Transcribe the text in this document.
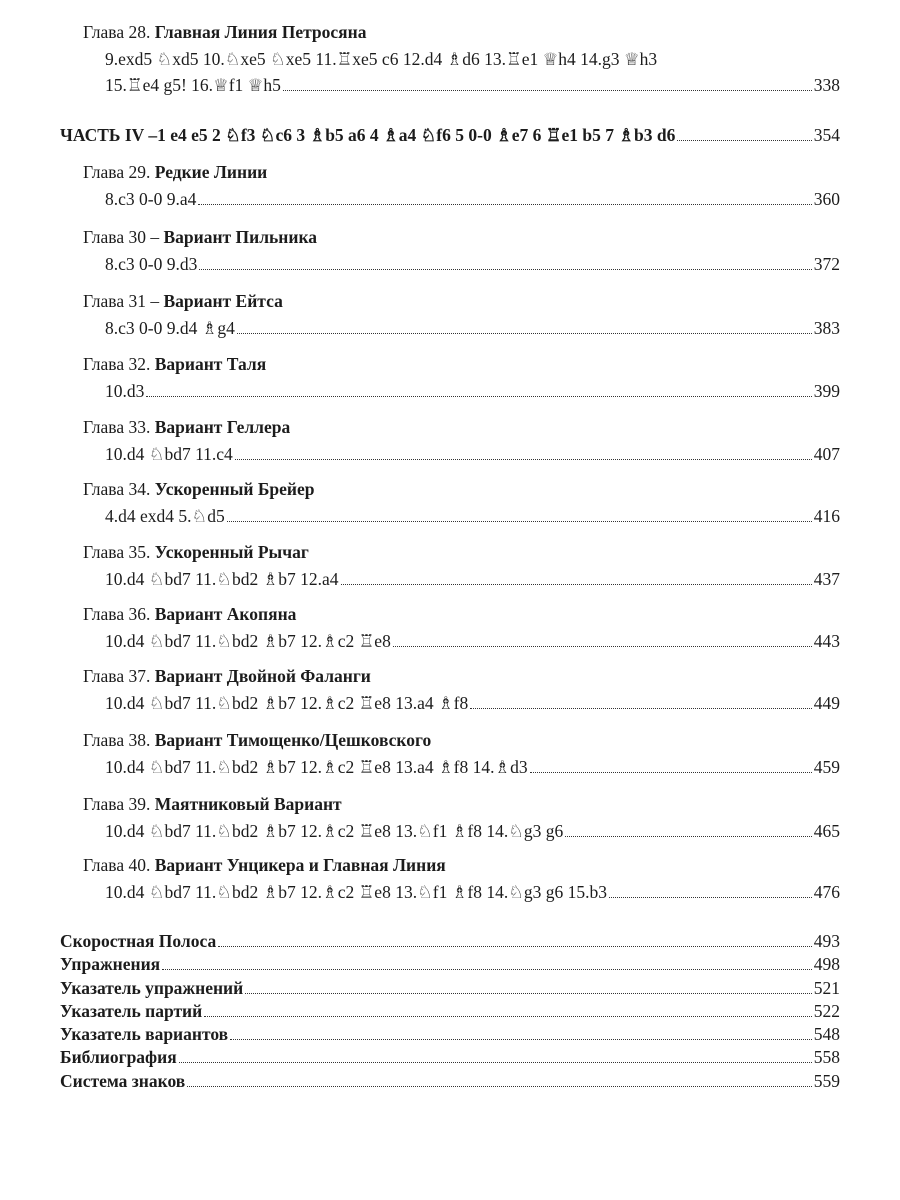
Глава 28. Главная Линия Петросяна
9.exd5 ♘xd5 10.♘xe5 ♘xe5 11.♖xe5 c6 12.d4 ♗d6 13.♖e1 ♕h4 14.g3 ♕h3
15.♖e4 g5! 16.♕f1 ♕h5	338
ЧАСТЬ IV – 1 e4 e5 2 ♘f3 ♘c6 3 ♗b5 a6 4 ♗a4 ♘f6 5 0-0 ♗e7 6 ♖e1 b5 7 ♗b3 d6	354
Глава 29. Редкие Линии
8.c3 0-0 9.a4	360
Глава 30 – Вариант Пильника
8.c3 0-0 9.d3	372
Глава 31 – Вариант Ейтса
8.c3 0-0 9.d4 ♗g4	383
Глава 32. Вариант Таля
10.d3	399
Глава 33. Вариант Геллера
10.d4 ♘bd7 11.c4	407
Глава 34. Ускоренный Брейер
4.d4 exd4 5.♘d5	416
Глава 35. Ускоренный Рычаг
10.d4 ♘bd7 11.♘bd2 ♗b7 12.a4	437
Глава 36. Вариант Акопяна
10.d4 ♘bd7 11.♘bd2 ♗b7 12.♗c2 ♖e8	443
Глава 37. Вариант Двойной Фаланги
10.d4 ♘bd7 11.♘bd2 ♗b7 12.♗c2 ♖e8 13.a4 ♗f8	449
Глава 38. Вариант Тимощенко/Цешковского
10.d4 ♘bd7 11.♘bd2 ♗b7 12.♗c2 ♖e8 13.a4 ♗f8 14.♗d3	459
Глава 39. Маятниковый Вариант
10.d4 ♘bd7 11.♘bd2 ♗b7 12.♗c2 ♖e8 13.♘f1 ♗f8 14.♘g3 g6	465
Глава 40. Вариант Унцикера и Главная Линия
10.d4 ♘bd7 11.♘bd2 ♗b7 12.♗c2 ♖e8 13.♘f1 ♗f8 14.♘g3 g6 15.b3	476
Скоростная Полоса	493
Упражнения	498
Указатель упражнений	521
Указатель партий	522
Указатель вариантов	548
Библиография	558
Система знаков	559
